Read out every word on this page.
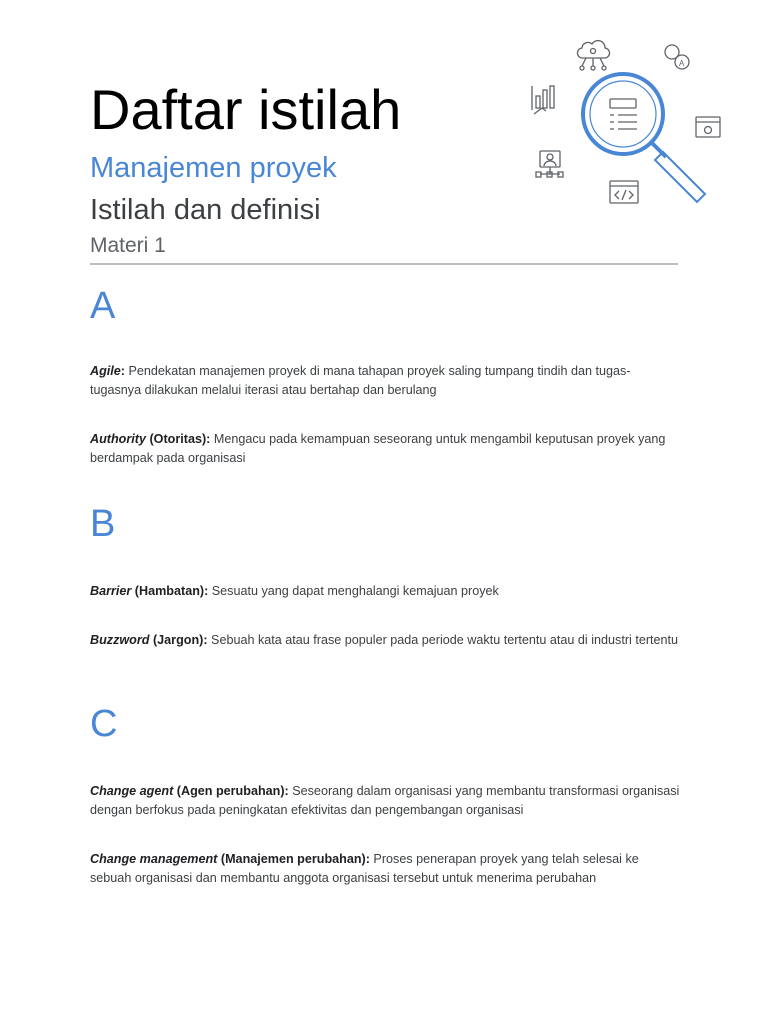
Daftar istilah
Manajemen proyek
Istilah dan definisi
Materi 1
A
A
Agile: Pendekatan manajemen proyek di mana tahapan proyek saling tumpang tindih dan tugas-tugasnya dilakukan melalui iterasi atau bertahap dan berulang
Authority (Otoritas): Mengacu pada kemampuan seseorang untuk mengambil keputusan proyek yang berdampak pada organisasi
B
Barrier (Hambatan): Sesuatu yang dapat menghalangi kemajuan proyek
Buzzword (Jargon): Sebuah kata atau frase populer pada periode waktu tertentu atau di industri tertentu
C
Change agent (Agen perubahan): Seseorang dalam organisasi yang membantu transformasi organisasi dengan berfokus pada peningkatan efektivitas dan pengembangan organisasi
Change management (Manajemen perubahan): Proses penerapan proyek yang telah selesai ke sebuah organisasi dan membantu anggota organisasi tersebut untuk menerima perubahan
